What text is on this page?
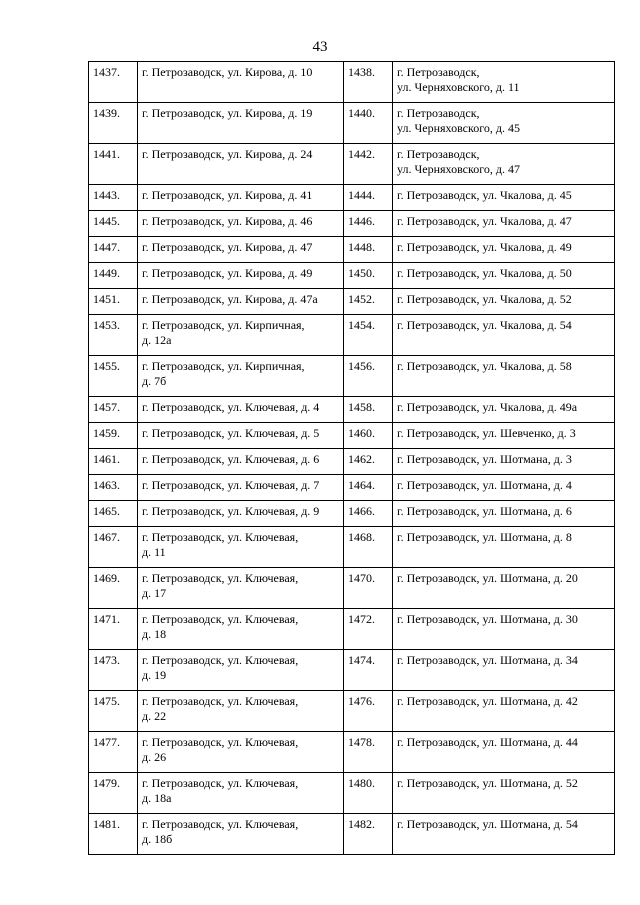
43
1437.	г. Петрозаводск, ул. Кирова, д. 10	1438.	г. Петрозаводск,
ул. Черняховского, д. 11

1439.	г. Петрозаводск, ул. Кирова, д. 19	1440.	г. Петрозаводск,
ул. Черняховского, д. 45

1441.	г. Петрозаводск, ул. Кирова, д. 24	1442.	г. Петрозаводск,
ул. Черняховского, д. 47

1443.	г. Петрозаводск, ул. Кирова, д. 41	1444.	г. Петрозаводск, ул. Чкалова, д. 45

1445.	г. Петрозаводск, ул. Кирова, д. 46	1446.	г. Петрозаводск, ул. Чкалова, д. 47

1447.	г. Петрозаводск, ул. Кирова, д. 47	1448.	г. Петрозаводск, ул. Чкалова, д. 49

1449.	г. Петрозаводск, ул. Кирова, д. 49	1450.	г. Петрозаводск, ул. Чкалова, д. 50

1451.	г. Петрозаводск, ул. Кирова, д. 47а	1452.	г. Петрозаводск, ул. Чкалова, д. 52

1453.	г. Петрозаводск, ул. Кирпичная,
д. 12а	1454.	г. Петрозаводск, ул. Чкалова, д. 54

1455.	г. Петрозаводск, ул. Кирпичная,
д. 7б	1456.	г. Петрозаводск, ул. Чкалова, д. 58

1457.	г. Петрозаводск, ул. Ключевая, д. 4	1458.	г. Петрозаводск, ул. Чкалова, д. 49а

1459.	г. Петрозаводск, ул. Ключевая, д. 5	1460.	г. Петрозаводск, ул. Шевченко, д. 3

1461.	г. Петрозаводск, ул. Ключевая, д. 6	1462.	г. Петрозаводск, ул. Шотмана, д. 3

1463.	г. Петрозаводск, ул. Ключевая, д. 7	1464.	г. Петрозаводск, ул. Шотмана, д. 4

1465.	г. Петрозаводск, ул. Ключевая, д. 9	1466.	г. Петрозаводск, ул. Шотмана, д. 6

1467.	г. Петрозаводск, ул. Ключевая,
д. 11	1468.	г. Петрозаводск, ул. Шотмана, д. 8

1469.	г. Петрозаводск, ул. Ключевая,
д. 17	1470.	г. Петрозаводск, ул. Шотмана, д. 20

1471.	г. Петрозаводск, ул. Ключевая,
д. 18	1472.	г. Петрозаводск, ул. Шотмана, д. 30

1473.	г. Петрозаводск, ул. Ключевая,
д. 19	1474.	г. Петрозаводск, ул. Шотмана, д. 34

1475.	г. Петрозаводск, ул. Ключевая,
д. 22	1476.	г. Петрозаводск, ул. Шотмана, д. 42

1477.	г. Петрозаводск, ул. Ключевая,
д. 26	1478.	г. Петрозаводск, ул. Шотмана, д. 44

1479.	г. Петрозаводск, ул. Ключевая,
д. 18а	1480.	г. Петрозаводск, ул. Шотмана, д. 52

1481.	г. Петрозаводск, ул. Ключевая,
д. 18б	1482.	г. Петрозаводск, ул. Шотмана, д. 54
